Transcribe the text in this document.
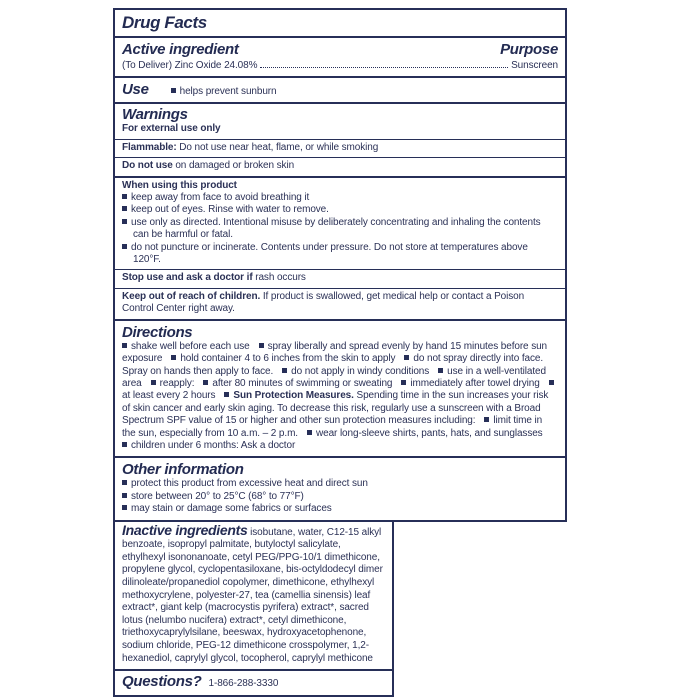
Drug Facts
Active ingredient	Purpose
(To Deliver) Zinc Oxide 24.08%	Sunscreen
Use	helps prevent sunburn
Warnings
For external use only
Flammable: Do not use near heat, flame, or while smoking
Do not use on damaged or broken skin
When using this product
keep away from face to avoid breathing it
keep out of eyes. Rinse with water to remove.
use only as directed. Intentional misuse by deliberately concentrating and inhaling the contents can be harmful or fatal.
do not puncture or incinerate. Contents under pressure. Do not store at temperatures above 120°F.
Stop use and ask a doctor if rash occurs
Keep out of reach of children. If product is swallowed, get medical help or contact a Poison Control Center right away.
Directions
shake well before each use spray liberally and spread evenly by hand 15 minutes before sun exposure hold container 4 to 6 inches from the skin to apply do not spray directly into face. Spray on hands then apply to face. do not apply in windy conditions use in a well-ventilated area reapply: after 80 minutes of swimming or sweating immediately after towel dryingat least every 2 hours Sun Protection Measures. Spending time in the sun increases your risk of skin cancer and early skin aging. To decrease this risk, regularly use a sunscreen with a Broad Spectrum SPF value of 15 or higher and other sun protection measures including: limit time in the sun, especially from 10 a.m. – 2 p.m. wear long-sleeve shirts, pants, hats, and sunglasses
children under 6 months: Ask a doctor
Other information
protect this product from excessive heat and direct sun
store between 20° to 25°C (68° to 77°F)
may stain or damage some fabrics or surfaces
Inactive ingredients isobutane, water, C12-15 alkyl benzoate, isopropyl palmitate, butyloctyl salicylate, ethylhexyl isononanoate, cetyl PEG/PPG-10/1 dimethicone, propylene glycol, cyclopentasiloxane, bis-octyldodecyl dimer dilinoleate/propanediol copolymer, dimethicone, ethylhexyl methoxycrylene, polyester-27, tea (camellia sinensis) leaf extract*, giant kelp (macrocystis pyrifera) extract*, sacred lotus (nelumbo nucifera) extract*, cetyl dimethicone, triethoxycaprylylsilane, beeswax, hydroxyacetophenone, sodium chloride, PEG-12 dimethicone crosspolymer, 1,2-hexanediol, caprylyl glycol, tocopherol, caprylyl methicone
Questions? 1-866-288-3330
